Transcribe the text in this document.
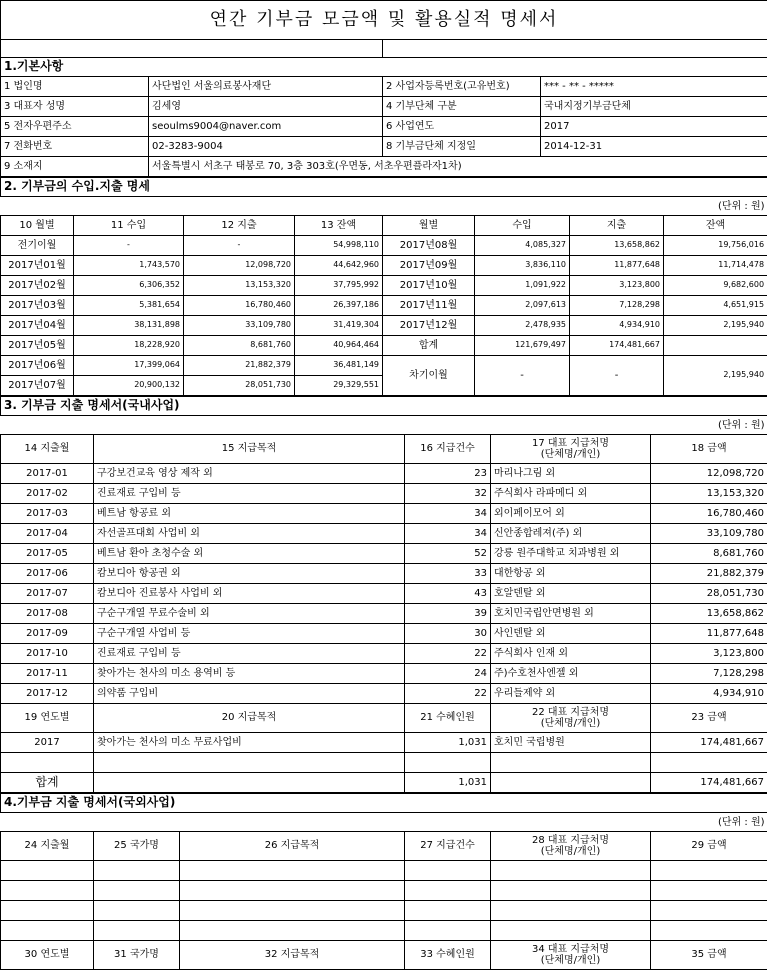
연간 기부금 모금액 및 활용실적 명세서			

1.기본사항			
1 법인명	사단법인 서울의료봉사재단	2 사업자등록번호(고유번호)	*** - ** - *****
3 대표자 성명	김세영	4 기부단체 구분	국내지정기부금단체
5 전자우편주소	seoulms9004@naver.com	6 사업연도	2017
7 전화번호	02-3283-9004	8 기부금단체 지정일	2014-12-31
9 소재지	서울특별시 서초구 태봉로 70, 3층 303호(우면동, 서초우편플라자1차)		
2. 기부금의 수입.지출 명세							
(단위 : 원)							
10 월별	11 수입	12 지출	13 잔액	월별	수입	지출	잔액
전기이월	-	-	54,998,110	2017년08월	4,085,327	13,658,862	19,756,016
2017년01월	1,743,570	12,098,720	44,642,960	2017년09월	3,836,110	11,877,648	11,714,478
2017년02월	6,306,352	13,153,320	37,795,992	2017년10월	1,091,922	3,123,800	9,682,600
2017년03월	5,381,654	16,780,460	26,397,186	2017년11월	2,097,613	7,128,298	4,651,915
2017년04월	38,131,898	33,109,780	31,419,304	2017년12월	2,478,935	4,934,910	2,195,940
2017년05월	18,228,920	8,681,760	40,964,464	합계	121,679,497	174,481,667	
2017년06월	17,399,064	21,882,379	36,481,149	차기이월	-	-	2,195,940
2017년07월	20,900,132	28,051,730	29,329,551				
3. 기부금 지출 명세서(국내사업)				
(단위 : 원)				
14 지출월	15 지급목적	16 지급건수	17 대표 지급처명
(단체명/개인)	18 금액
2017-01	구강보건교육 영상 제작 외	23	마리나그림 외	12,098,720
2017-02	진료재료 구입비 등	32	주식회사 라파메디 외	13,153,320
2017-03	베트남 항공료 외	34	외이페이모어 외	16,780,460
2017-04	자선골프대회 사업비 외	34	신안종합레져(주) 외	33,109,780
2017-05	베트남 환아 초청수술 외	52	강릉 원주대학교 치과병원 외	8,681,760
2017-06	캄보디아 항공권 외	33	대한항공 외	21,882,379
2017-07	캄보디아 진료봉사 사업비 외	43	호알덴탈 외	28,051,730
2017-08	구순구개열 무료수술비 외	39	호치민국립안면병원 외	13,658,862
2017-09	구순구개열 사업비 등	30	사인덴탈 외	11,877,648
2017-10	진료재료 구입비 등	22	주식회사 인재 외	3,123,800
2017-11	찾아가는 천사의 미소 용역비 등	24	주)수호천사엔젤 외	7,128,298
2017-12	의약품 구입비	22	우리들제약 외	4,934,910
19 연도별	20 지급목적	21 수혜인원	22 대표 지급처명
(단체명/개인)	23 금액
2017	찾아가는 천사의 미소 무료사업비	1,031	호치민 국립병원	174,481,667

합계		1,031		174,481,667
4.기부금 지출 명세서(국외사업)					
(단위 : 원)					
24 지출월	25 국가명	26 지급목적	27 지급건수	28 대표 지급처명
(단체명/개인)	29 금액

30 연도별	31 국가명	32 지급목적	33 수혜인원	34 대표 지급처명
(단체명/개인)	35 금액
